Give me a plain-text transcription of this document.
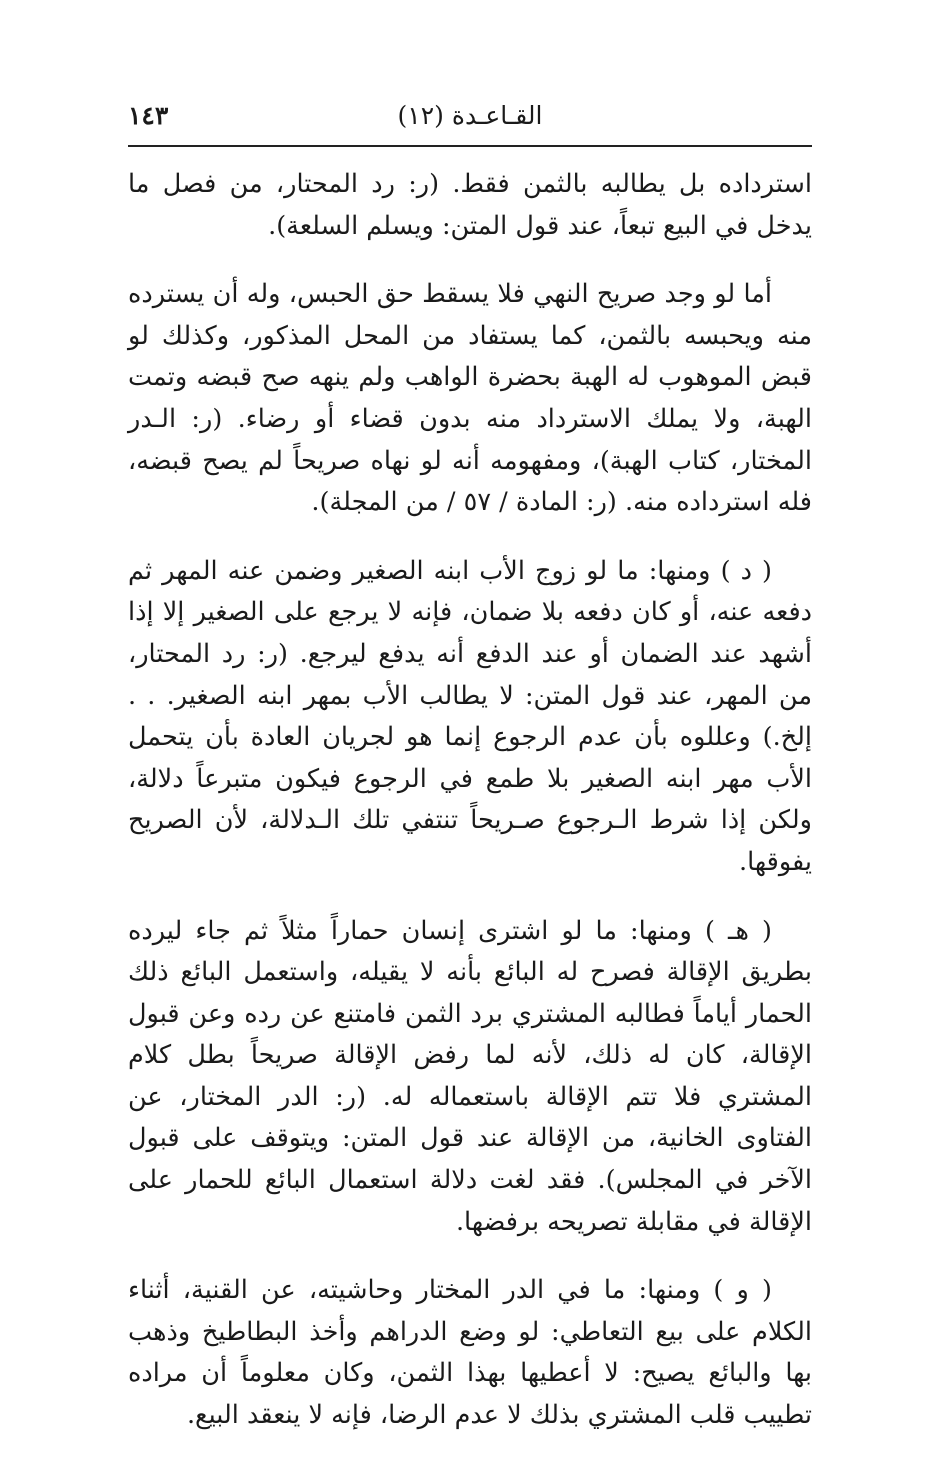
القـاعـدة (١٢)
١٤٣

استرداده بل يطالبه بالثمن فقط. (ر: رد المحتار، من فصل ما يدخل في البيع تبعاً، عند قول المتن: ويسلم السلعة).

أما لو وجد صريح النهي فلا يسقط حق الحبس، وله أن يسترده منه ويحبسه بالثمن، كما يستفاد من المحل المذكور، وكذلك لو قبض الموهوب له الهبة بحضرة الواهب ولم ينهه صح قبضه وتمت الهبة، ولا يملك الاسترداد منه بدون قضاء أو رضاء. (ر: الـدر المختار، كتاب الهبة)، ومفهومه أنه لو نهاه صريحاً لم يصح قبضه، فله استرداده منه. (ر: المادة / ٥٧ / من المجلة).

( د ) ومنها: ما لو زوج الأب ابنه الصغير وضمن عنه المهر ثم دفعه عنه، أو كان دفعه بلا ضمان، فإنه لا يرجع على الصغير إلا إذا أشهد عند الضمان أو عند الدفع أنه يدفع ليرجع. (ر: رد المحتار، من المهر، عند قول المتن: لا يطالب الأب بمهر ابنه الصغير. . . إلخ.) وعللوه بأن عدم الرجوع إنما هو لجريان العادة بأن يتحمل الأب مهر ابنه الصغير بلا طمع في الرجوع فيكون متبرعاً دلالة، ولكن إذا شرط الـرجوع صـريحاً تنتفي تلك الـدلالة، لأن الصريح يفوقها.

( هـ ) ومنها: ما لو اشترى إنسان حماراً مثلاً ثم جاء ليرده بطريق الإقالة فصرح له البائع بأنه لا يقيله، واستعمل البائع ذلك الحمار أياماً فطالبه المشتري برد الثمن فامتنع عن رده وعن قبول الإقالة، كان له ذلك، لأنه لما رفض الإقالة صريحاً بطل كلام المشتري فلا تتم الإقالة باستعماله له. (ر: الدر المختار، عن الفتاوى الخانية، من الإقالة عند قول المتن: ويتوقف على قبول الآخر في المجلس). فقد لغت دلالة استعمال البائع للحمار على الإقالة في مقابلة تصريحه برفضها.

( و ) ومنها: ما في الدر المختار وحاشيته، عن القنية، أثناء الكلام على بيع التعاطي: لو وضع الدراهم وأخذ البطاطيخ وذهب بها والبائع يصيح: لا أعطيها بهذا الثمن، وكان معلوماً أن مراده تطييب قلب المشتري بذلك لا عدم الرضا، فإنه لا ينعقد البيع.
